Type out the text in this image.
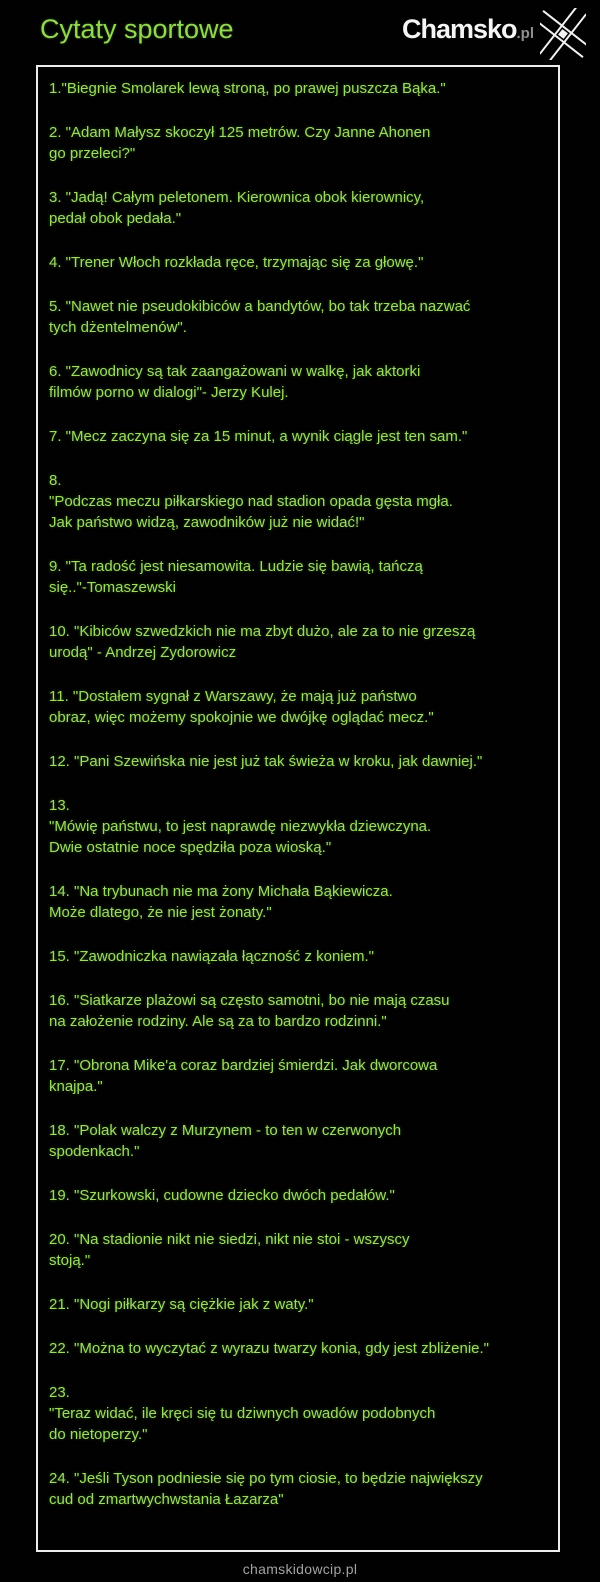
Cytaty sportowe	Chamsko.pl

1."Biegnie Smolarek lewą stroną, po prawej puszcza Bąka."

2. "Adam Małysz skoczył 125 metrów. Czy Janne Ahonen
go przeleci?"

3. "Jadą! Całym peletonem. Kierownica obok kierownicy,
pedał obok pedała."

4. "Trener Włoch rozkłada ręce, trzymając się za głowę."

5. "Nawet nie pseudokibiców a bandytów, bo tak trzeba nazwać
tych dżentelmenów".

6. "Zawodnicy są tak zaangażowani w walkę, jak aktorki
filmów porno w dialogi"- Jerzy Kulej.

7. "Mecz zaczyna się za 15 minut, a wynik ciągle jest ten sam."

8.
"Podczas meczu piłkarskiego nad stadion opada gęsta mgła.
Jak państwo widzą, zawodników już nie widać!"

9. "Ta radość jest niesamowita. Ludzie się bawią, tańczą
się.."-Tomaszewski

10. "Kibiców szwedzkich nie ma zbyt dużo, ale za to nie grzeszą
urodą" - Andrzej Zydorowicz

11. "Dostałem sygnał z Warszawy, że mają już państwo
obraz, więc możemy spokojnie we dwójkę oglądać mecz."

12. "Pani Szewińska nie jest już tak świeża w kroku, jak dawniej."

13.
"Mówię państwu, to jest naprawdę niezwykła dziewczyna.
Dwie ostatnie noce spędziła poza wioską."

14. "Na trybunach nie ma żony Michała Bąkiewicza.
Może dlatego, że nie jest żonaty."

15. "Zawodniczka nawiązała łączność z koniem."

16. "Siatkarze plażowi są często samotni, bo nie mają czasu
na założenie rodziny. Ale są za to bardzo rodzinni."

17. "Obrona Mike'a coraz bardziej śmierdzi. Jak dworcowa
knajpa."

18. "Polak walczy z Murzynem - to ten w czerwonych
spodenkach."

19. "Szurkowski, cudowne dziecko dwóch pedałów."

20. "Na stadionie nikt nie siedzi, nikt nie stoi - wszyscy
stoją."

21. "Nogi piłkarzy są ciężkie jak z waty."

22. "Można to wyczytać z wyrazu twarzy konia, gdy jest zbliżenie."

23.
"Teraz widać, ile kręci się tu dziwnych owadów podobnych
do nietoperzy."

24. "Jeśli Tyson podniesie się po tym ciosie, to będzie największy
cud od zmartwychwstania Łazarza"

chamskidowcip.pl
